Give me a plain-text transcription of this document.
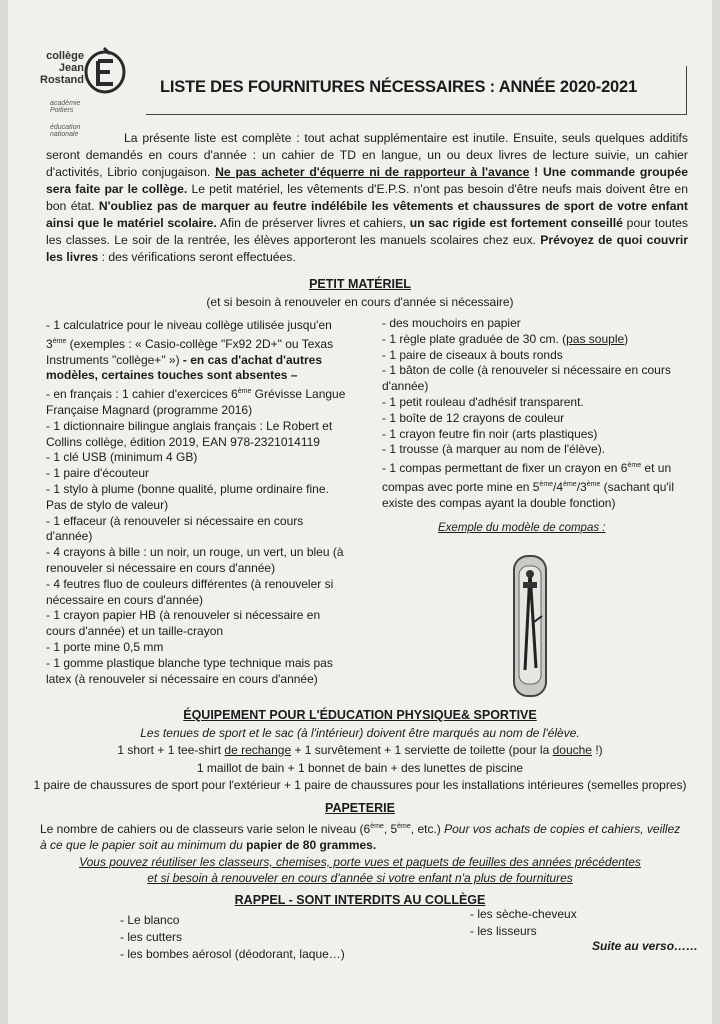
collège
Jean Rostand
académie
Poitiers
éducation
nationale
LISTE DES FOURNITURES NÉCESSAIRES : ANNÉE 2020-2021
La présente liste est complète : tout achat supplémentaire est inutile. Ensuite, seuls quelques additifs seront demandés en cours d'année : un cahier de TD en langue, un ou deux livres de lecture suivie, un cahier d'activités, Librio conjugaison. Ne pas acheter d'équerre ni de rapporteur à l'avance ! Une commande groupée sera faite par le collège. Le petit matériel, les vêtements d'E.P.S. n'ont pas besoin d'être neufs mais doivent être en bon état. N'oubliez pas de marquer au feutre indélébile les vêtements et chaussures de sport de votre enfant ainsi que le matériel scolaire. Afin de préserver livres et cahiers, un sac rigide est fortement conseillé pour toutes les classes. Le soir de la rentrée, les élèves apporteront les manuels scolaires chez eux. Prévoyez de quoi couvrir les livres : des vérifications seront effectuées.
PETIT MATÉRIEL
(et si besoin à renouveler en cours d'année si nécessaire)
- 1 calculatrice pour le niveau collège utilisée jusqu'en 3ème (exemples : « Casio-collège "Fx92 2D+" ou Texas Instruments "collège+" ») - en cas d'achat d'autres modèles, certaines touches sont absentes –
- en français : 1 cahier d'exercices 6ème Grévisse Langue Française Magnard (programme 2016)
- 1 dictionnaire bilingue anglais français : Le Robert et Collins collège, édition 2019, EAN 978-2321014119
- 1 clé USB (minimum 4 GB)
- 1 paire d'écouteur
- 1 stylo à plume (bonne qualité, plume ordinaire fine. Pas de stylo de valeur)
- 1 effaceur (à renouveler si nécessaire en cours d'année)
- 4 crayons à bille : un noir, un rouge, un vert, un bleu (à renouveler si nécessaire en cours d'année)
- 4 feutres fluo de couleurs différentes (à renouveler si nécessaire en cours d'année)
- 1 crayon papier HB (à renouveler si nécessaire en cours d'année) et un taille-crayon
- 1 porte mine 0,5 mm
- 1 gomme plastique blanche type technique mais pas latex (à renouveler si nécessaire en cours d'année)
- des mouchoirs en papier
- 1 règle plate graduée de 30 cm. (pas souple)
- 1 paire de ciseaux à bouts ronds
- 1 bâton de colle (à renouveler si nécessaire en cours d'année)
- 1 petit rouleau d'adhésif transparent.
- 1 boîte de 12 crayons de couleur
- 1 crayon feutre fin noir (arts plastiques)
- 1 trousse (à marquer au nom de l'élève).
- 1 compas permettant de fixer un crayon en 6ème et un compas avec porte mine en 5ème/4ème/3ème (sachant qu'il existe des compas ayant la double fonction)
Exemple du modèle de compas :
ÉQUIPEMENT POUR L'ÉDUCATION PHYSIQUE& SPORTIVE
Les tenues de sport et le sac (à l'intérieur) doivent être marqués au nom de l'élève.
1 short + 1 tee-shirt de rechange + 1 survêtement + 1 serviette de toilette (pour la douche !)
1 maillot de bain + 1 bonnet de bain + des lunettes de piscine
1 paire de chaussures de sport pour l'extérieur + 1 paire de chaussures pour les installations intérieures (semelles propres)
PAPETERIE
Le nombre de cahiers ou de classeurs varie selon le niveau (6ème, 5ème, etc.) Pour vos achats de copies et cahiers, veillez à ce que le papier soit au minimum du papier de 80 grammes.
Vous pouvez réutiliser les classeurs, chemises, porte vues et paquets de feuilles des années précédentes
et si besoin à renouveler en cours d'année si votre enfant n'a plus de fournitures
RAPPEL - SONT INTERDITS AU COLLÈGE
- Le blanco
- les cutters
- les bombes aérosol (déodorant, laque…)
- les sèche-cheveux
- les lisseurs
Suite au verso……
